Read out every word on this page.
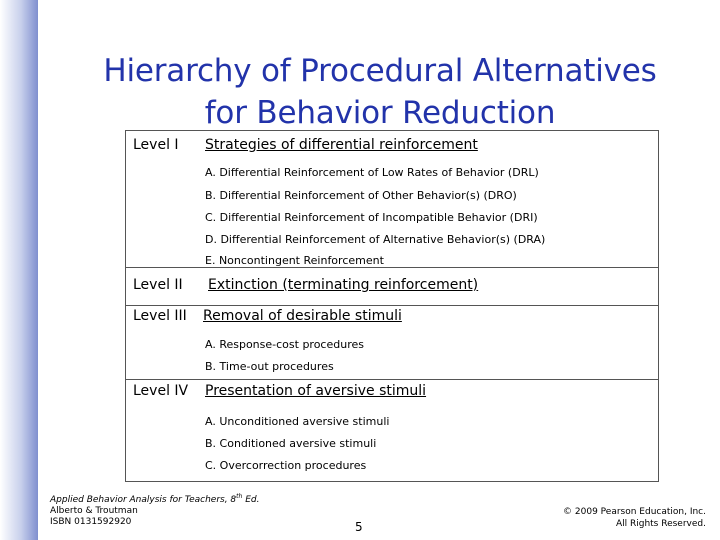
Hierarchy of Procedural Alternatives
for Behavior Reduction
Level I Strategies of differential reinforcement
A. Differential Reinforcement of Low Rates of Behavior (DRL)
B. Differential Reinforcement of Other Behavior(s) (DRO)
C. Differential Reinforcement of Incompatible Behavior (DRI)
D. Differential Reinforcement of Alternative Behavior(s) (DRA)
E. Noncontingent Reinforcement
Level II Extinction (terminating reinforcement)
Level III Removal of desirable stimuli
A. Response-cost procedures
B. Time-out procedures
Level IV Presentation of aversive stimuli
A. Unconditioned aversive stimuli
B. Conditioned aversive stimuli
C. Overcorrection procedures
Applied Behavior Analysis for Teachers, 8th Ed.
Alberto & Troutman
ISBN 0131592920	5
© 2009 Pearson Education, Inc.
All Rights Reserved.
